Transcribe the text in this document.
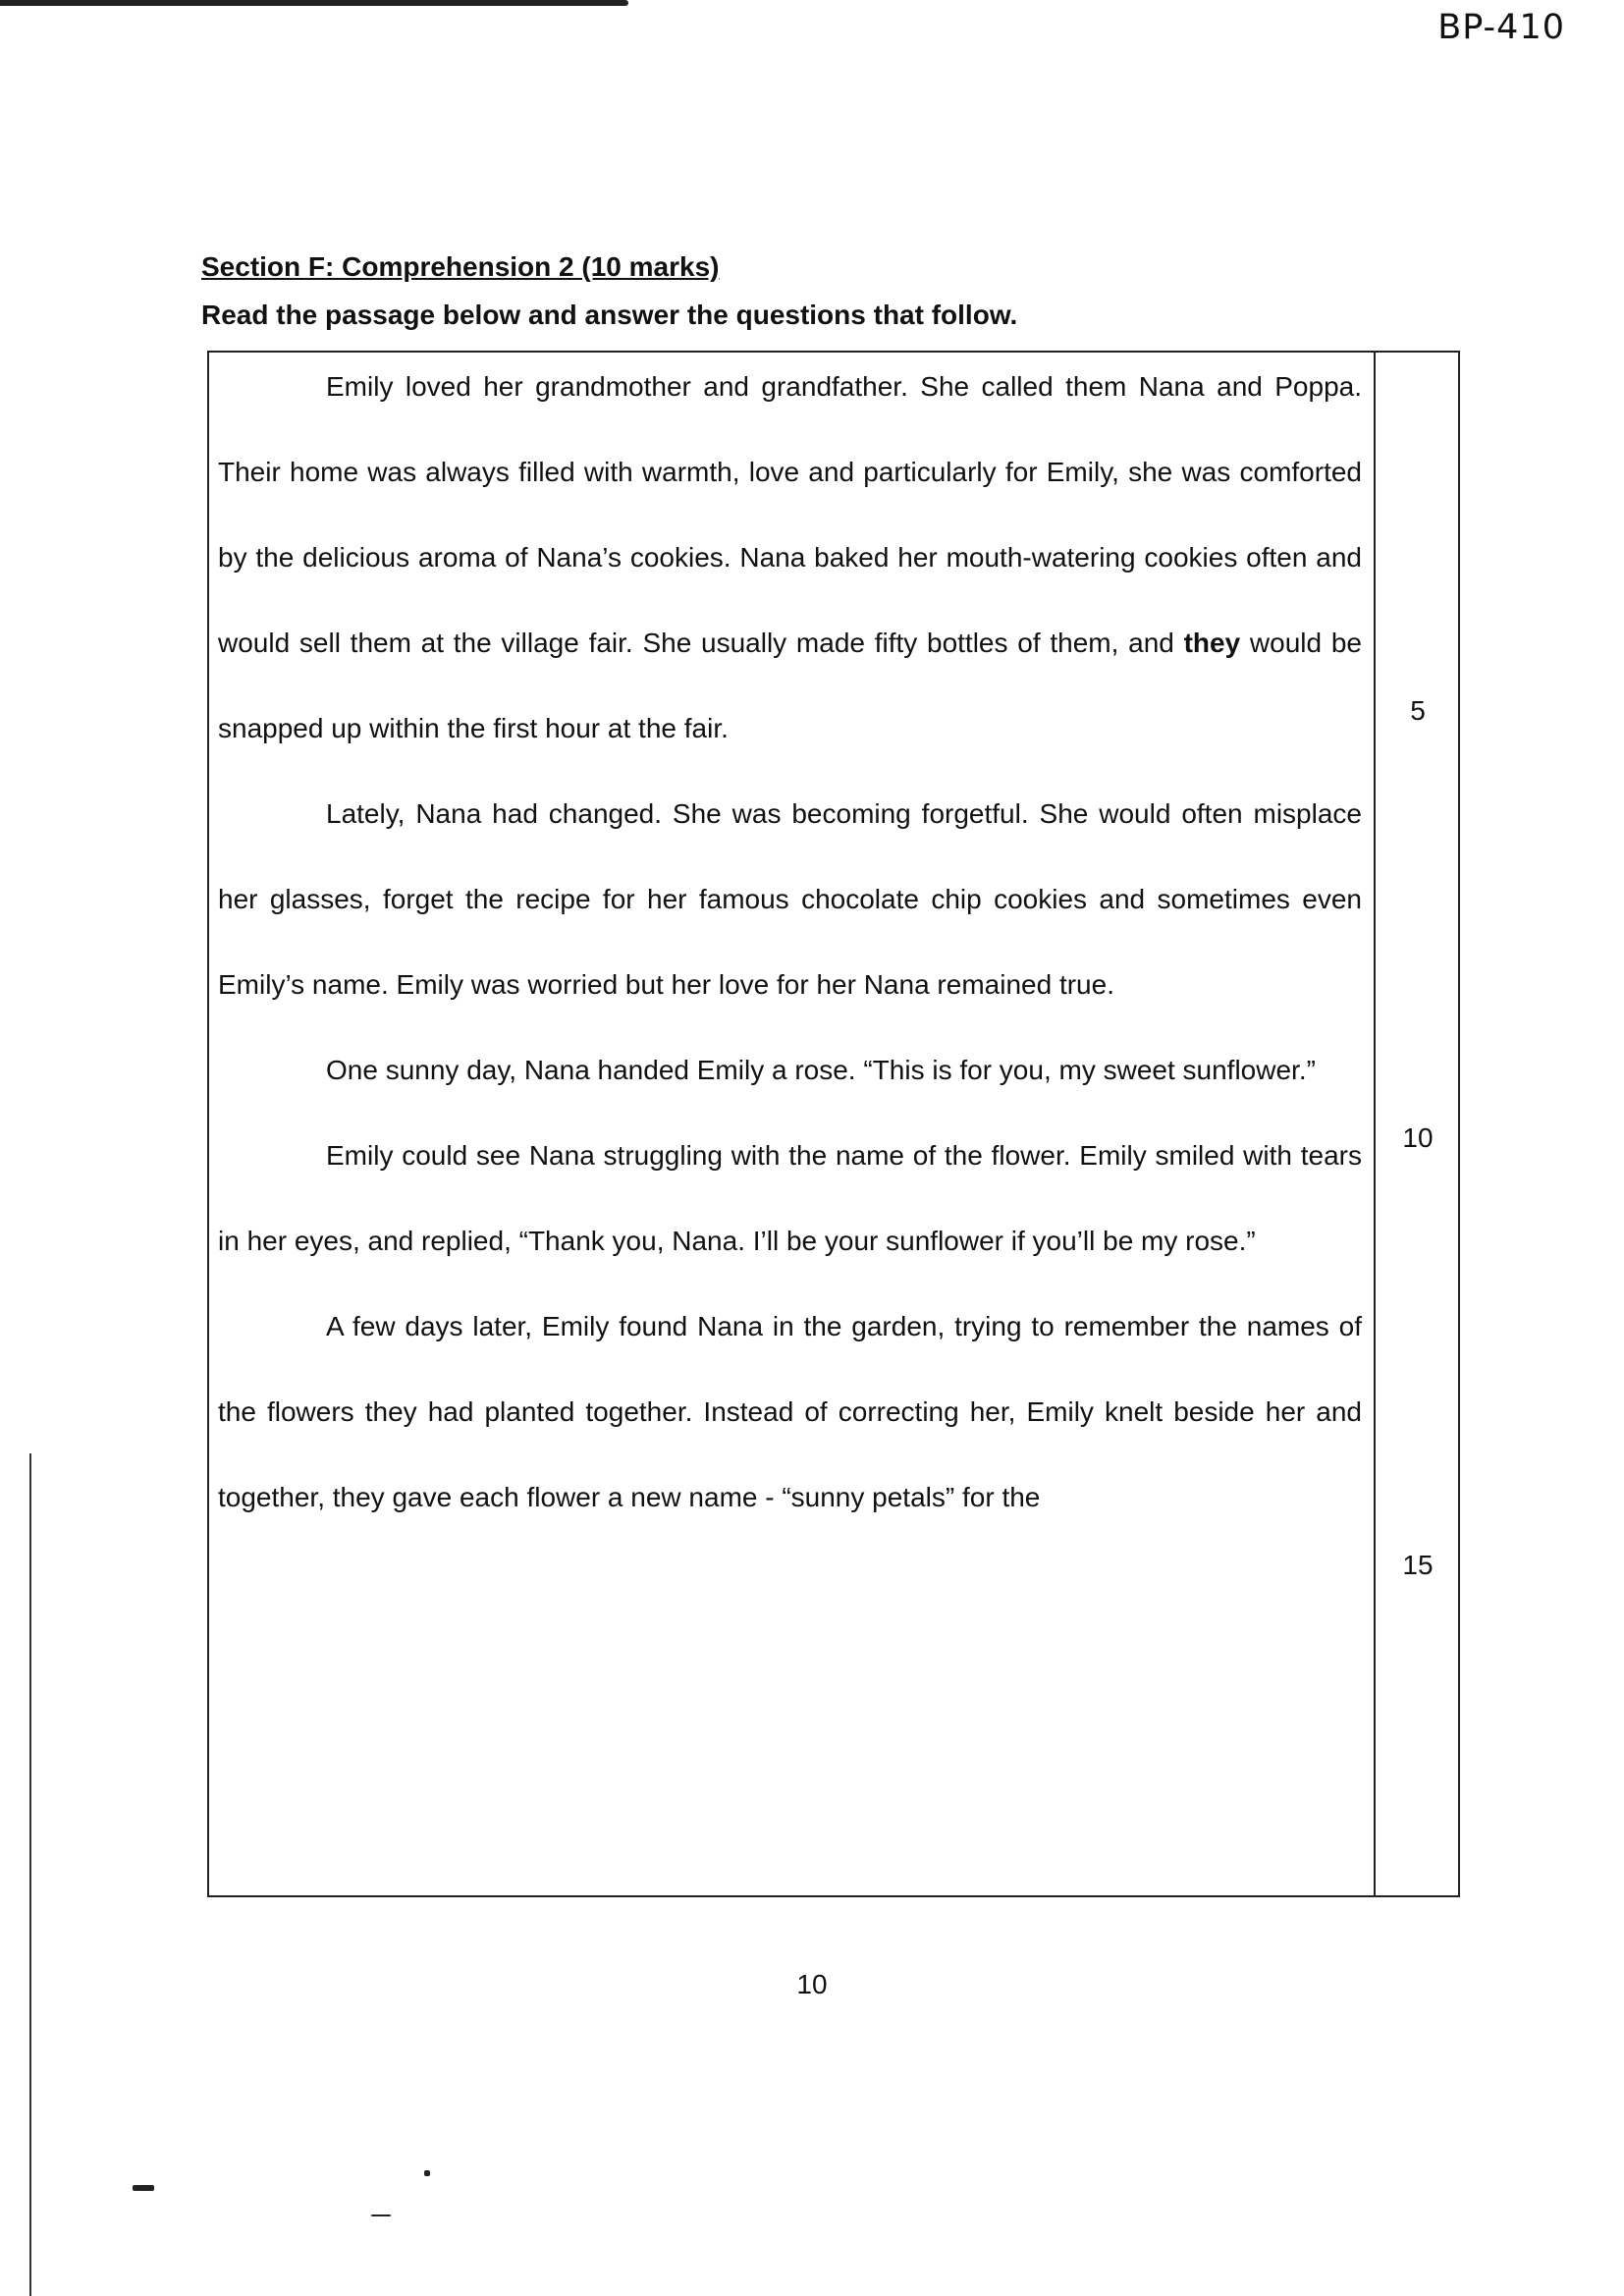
BP-410
Section F: Comprehension 2 (10 marks)
Read the passage below and answer the questions that follow.

Emily loved her grandmother and grandfather. She called them Nana and Poppa. Their home was always filled with warmth, love and particularly for Emily, she was comforted by the delicious aroma of Nana’s cookies. Nana baked her mouth-watering cookies often and would sell them at the village fair. She usually made fifty bottles of them, and they would be snapped up within the first hour at the fair.

Lately, Nana had changed. She was becoming forgetful. She would often misplace her glasses, forget the recipe for her famous chocolate chip cookies and sometimes even Emily’s name. Emily was worried but her love for her Nana remained true.

One sunny day, Nana handed Emily a rose. “This is for you, my sweet sunflower.”

Emily could see Nana struggling with the name of the flower. Emily smiled with tears in her eyes, and replied, “Thank you, Nana. I’ll be your sunflower if you’ll be my rose.”

A few days later, Emily found Nana in the garden, trying to remember the names of the flowers they had planted together. Instead of correcting her, Emily knelt beside her and together, they gave each flower a new name - “sunny petals” for the

5
10
15
10
